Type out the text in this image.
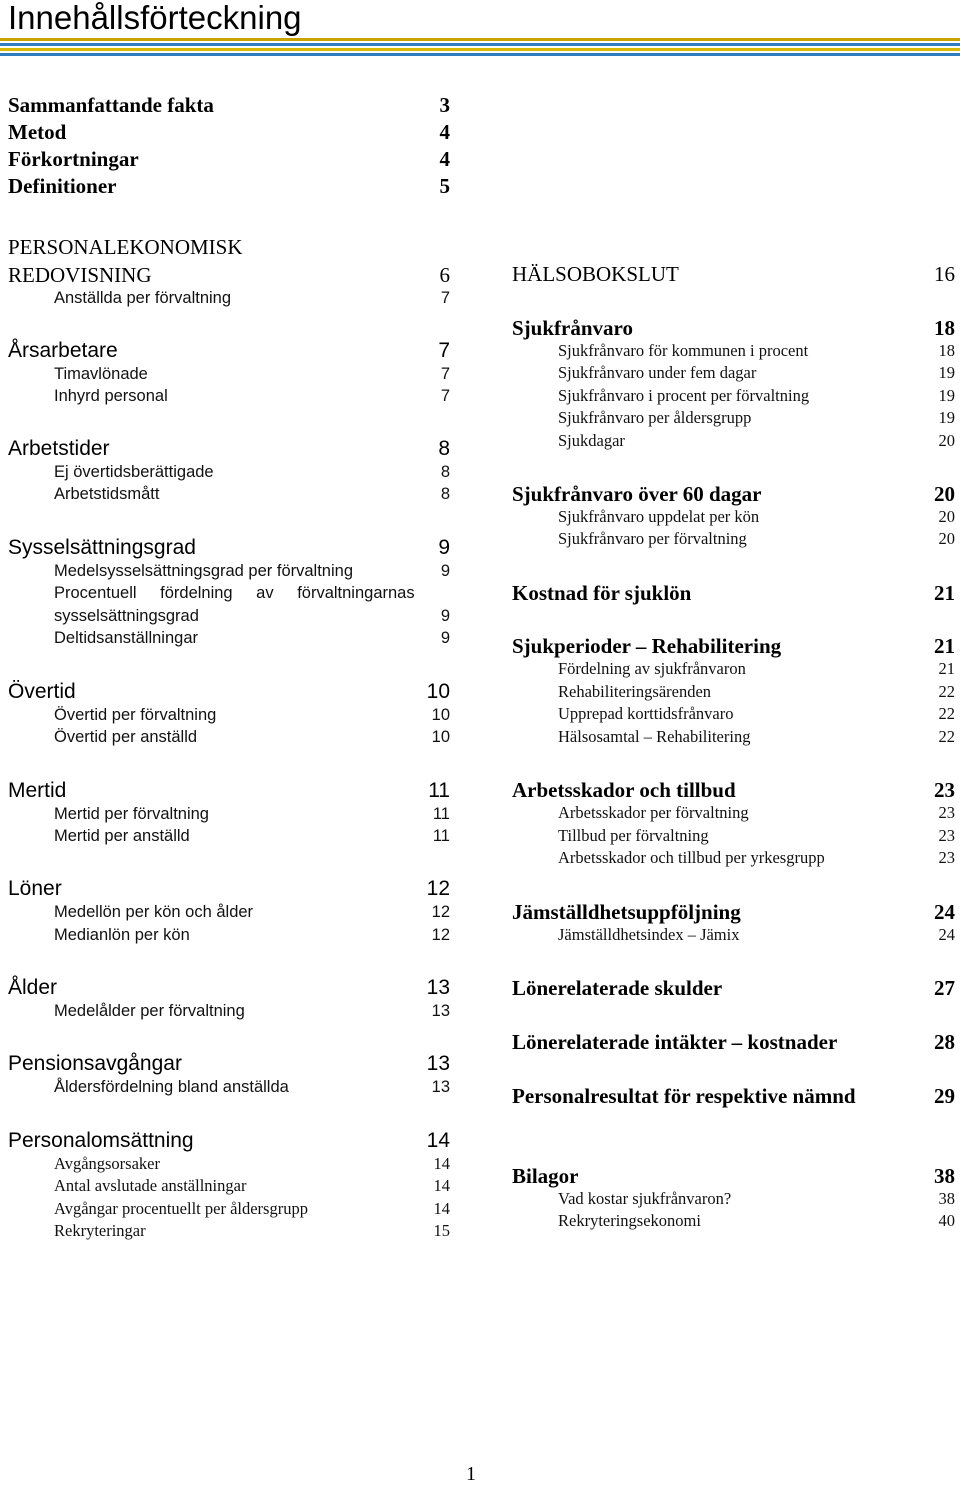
Innehållsförteckning
Sammanfattande fakta	3
Metod	4
Förkortningar	4
Definitioner	5
PERSONALEKONOMISK
REDOVISNING	6
Anställda per förvaltning	7
Årsarbetare	7
Timavlönade	7
Inhyrd personal	7
Arbetstider	8
Ej övertidsberättigade	8
Arbetstidsmått	8
Sysselsättningsgrad	9
Medelsysselsättningsgrad per förvaltning	9
Procentuell fördelning av förvaltningarnas
sysselsättningsgrad	9
Deltidsanställningar	9
Övertid	10
Övertid per förvaltning	10
Övertid per anställd	10
Mertid	11
Mertid per förvaltning	11
Mertid per anställd	11
Löner	12
Medellön per kön och ålder	12
Medianlön per kön	12
Ålder	13
Medelålder per förvaltning	13
Pensionsavgångar	13
Åldersfördelning bland anställda	13
Personalomsättning	14
Avgångsorsaker	14
Antal avslutade anställningar	14
Avgångar procentuellt per åldersgrupp	14
Rekryteringar	15
HÄLSOBOKSLUT	16
Sjukfrånvaro	18
Sjukfrånvaro för kommunen i procent	18
Sjukfrånvaro under fem dagar	19
Sjukfrånvaro i procent per förvaltning	19
Sjukfrånvaro per åldersgrupp	19
Sjukdagar	20
Sjukfrånvaro över 60 dagar	20
Sjukfrånvaro uppdelat per kön	20
Sjukfrånvaro per förvaltning	20
Kostnad för sjuklön	21
Sjukperioder – Rehabilitering	21
Fördelning av sjukfrånvaron	21
Rehabiliteringsärenden	22
Upprepad korttidsfrånvaro	22
Hälsosamtal – Rehabilitering	22
Arbetsskador och tillbud	23
Arbetsskador per förvaltning	23
Tillbud per förvaltning	23
Arbetsskador och tillbud per yrkesgrupp	23
Jämställdhetsuppföljning	24
Jämställdhetsindex – Jämix	24
Lönerelaterade skulder	27
Lönerelaterade intäkter – kostnader	28
Personalresultat för respektive nämnd	29
Bilagor	38
Vad kostar sjukfrånvaron?	38
Rekryteringsekonomi	40
1
